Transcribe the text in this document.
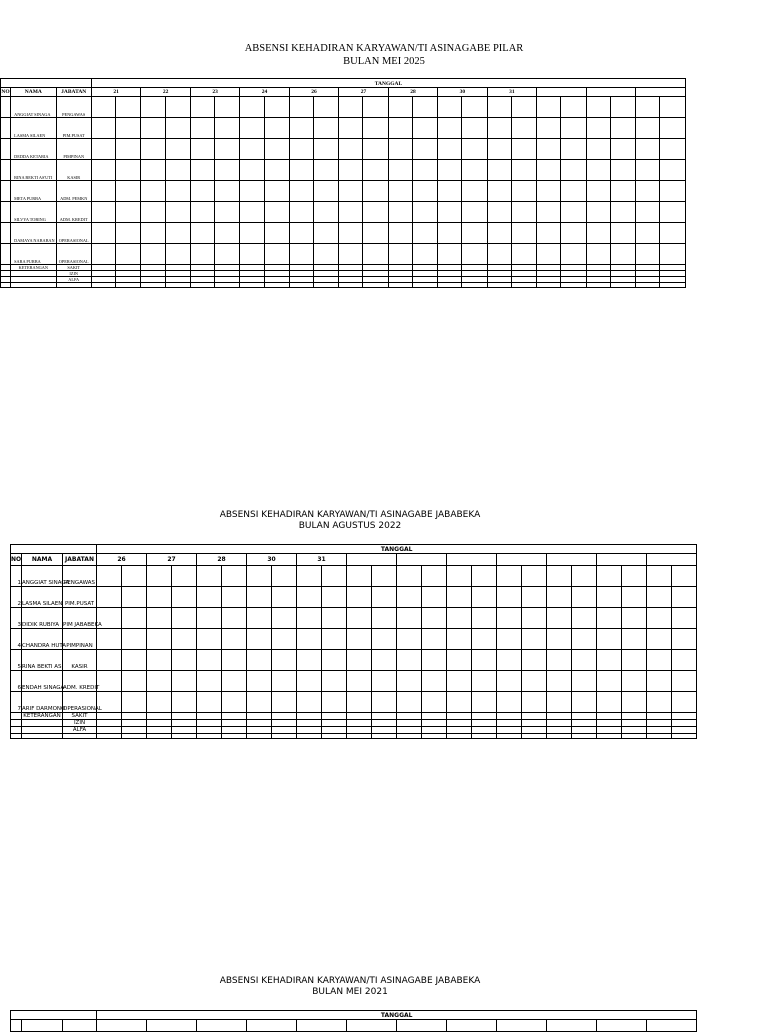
ABSENSI KEHADIRAN KARYAWAN/TI ASINAGABE PILAR
BULAN MEI 2025
			TANGGAL																							
NO	NAMA	JABATAN	21		22		23		24		26		27		28		30		31							
	ANGGIAT SINAGA	PENGAWAS																								
	LASMA SILAEN	PIM.PUSAT																								
	DEDDA KETARIA	PIMPINAN																								
	RINA BEKTI AS'UTI	KASIR																								
	META PURBA	ADM. PEMKN																								
	SILVYA TOBING	ADM. KREDIT																								
	DAMAYA NABABAN	OPERASIONAL																								
	SARA PURBA	OPERASIONAL																								
	KETERANGAN	SAKIT																								
		IZIN																								
		ALFA																								

ABSENSI KEHADIRAN KARYAWAN/TI ASINAGABE JABABEKA
BULAN AGUSTUS 2022
			TANGGAL																							
NO	NAMA	JABATAN	26		27		28		30		31															
1	ANGGIAT SINAGA	PENGAWAS																								
2	LASMA SILAEN	PIM.PUSAT																								
3	DIDIK RUBIYA	PIM JABABEKA																								
4	CHANDRA HUTA	PIMPINAN																								
5	RINA BEKTI AS	KASIR																								
6	ENDAH SINAGA	ADM. KREDIT																								
7	ARIF DARMONO	OPERASIONAL																								
	KETERANGAN	SAKIT																								
		IZIN																								
		ALFA																								

ABSENSI KEHADIRAN KARYAWAN/TI ASINAGABE JABABEKA
BULAN MEI 2021
			TANGGAL											
